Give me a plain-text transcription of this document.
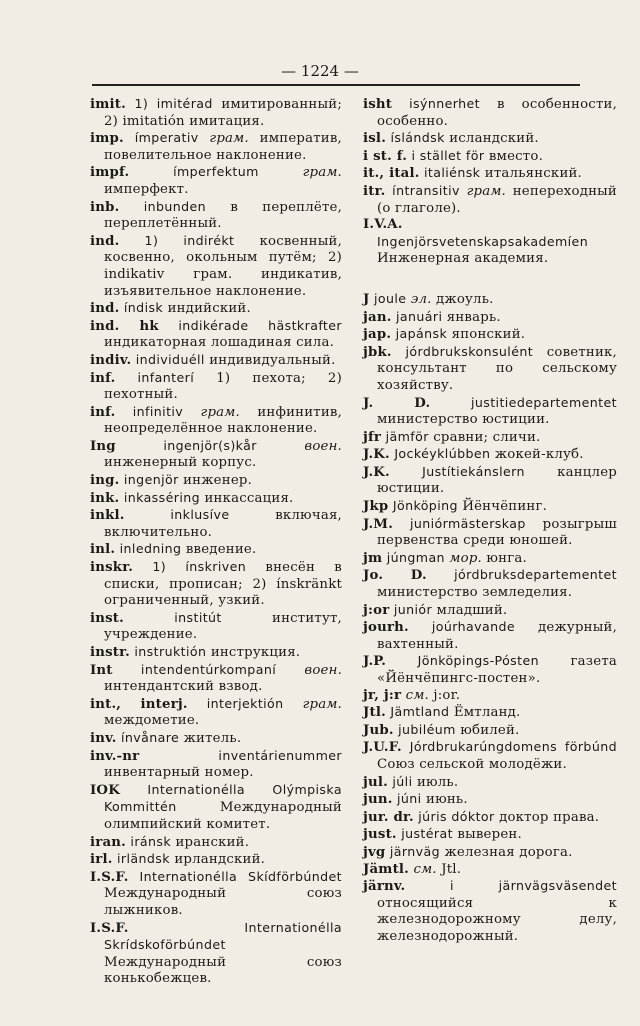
— 1224 —
imit. 1) imitérad имитированный; 2) imitatión имитация.
imp. ímperativ грам. императив, повелительное наклонение.
impf.	ímperfektum	грам. имперфект.
inb. inbunden в переплёте, переплетённый.
ind. 1) indirékt косвенный, косвенно, окольным путём; 2) indikativ грам. индикатив, изъявительное наклонение.
ind. índisk индийский.
ind. hk indikérade hästkrafter индикаторная лошадиная сила.
indiv. individuéll индивидуальный.
inf. infanterí 1) пехота; 2) пехотный.
inf. infinitiv грам. инфинитив, неопределённое наклонение.
Ing	ingenjör(s)kår	воен. инженерный корпус.
ing. ingenjör инженер.
ink. inkasséring инкассация.
inkl.	inklusíve	включая, включительно.
inl. inledning введение.
inskr. 1) ínskriven внесён в списки, прописан; 2) ínskränkt ограниченный, узкий.
inst.	institút	институт, учреждение.
instr. instruktión инструкция.
Int intendentúrkompaní воен. интендантский взвод.
int., interj. interjektión грам. междометие.
inv. ínvånare житель.
inv.-nr	inventárienummer инвентарный номер.
IOK Internationélla Olýmpiska Kommittén	Международный олимпийский комитет.
iran. iránsk иранский.
irl. irländsk ирландский.
I.S.F. Internationélla Skídförbúndet Международный союз лыжников.
I.S.F.	Internationélla Skrídskoförbúndet Международный союз конькобежцев.
isht isýnnerhet в особенности, особенно.
isl. íslándsk исландский.
i st. f. i stället för вместо.
it., ital. italiénsk итальянский.
itr. íntransitiv грам. непереходный (о глаголе).
I.V.A. Ingenjörsvetenskapsakademíen Инженерная академия.
J joule эл. джоуль.
jan. januári январь.
jap. japánsk японский.
jbk. jórdbrukskonsulént советник, консультант по сельскому хозяйству.
J. D.	justitiedepartementet министерство юстиции.
jfr jämför сравни; сличи.
J.K. Jockéyklúbben жокей-клуб.
J.K.	Justítiekánslern канцлер юстиции.
Jkp Jönköping Йёнчёпинг.
J.M. juniórmästerskap розыгрыш первенства среди юношей.
jm júngman мор. юнга.
Jo. D. jórdbruksdepartementet министерство земледелия.
j:or juniór младший.
jourh. joúrhavande дежурный, вахтенный.
J.P. Jönköpings-Pósten газета «Йёнчёпингс-постен».
jr, j:r см. j:or.
Jtl. Jämtland Ёмтланд.
Jub. jubiléum юбилей.
J.U.F. Jórdbrukarúngdomens förbúnd Союз сельской молодёжи.
jul. júli июль.
jun. júni июнь.
jur. dr. júris dóktor доктор права.
just. justérat выверен.
jvg järnväg железная дорога.
Jämtl. см. Jtl.
järnv.	i järnvägsväsendet относящийся к железнодорожному делу, железнодорожный.
